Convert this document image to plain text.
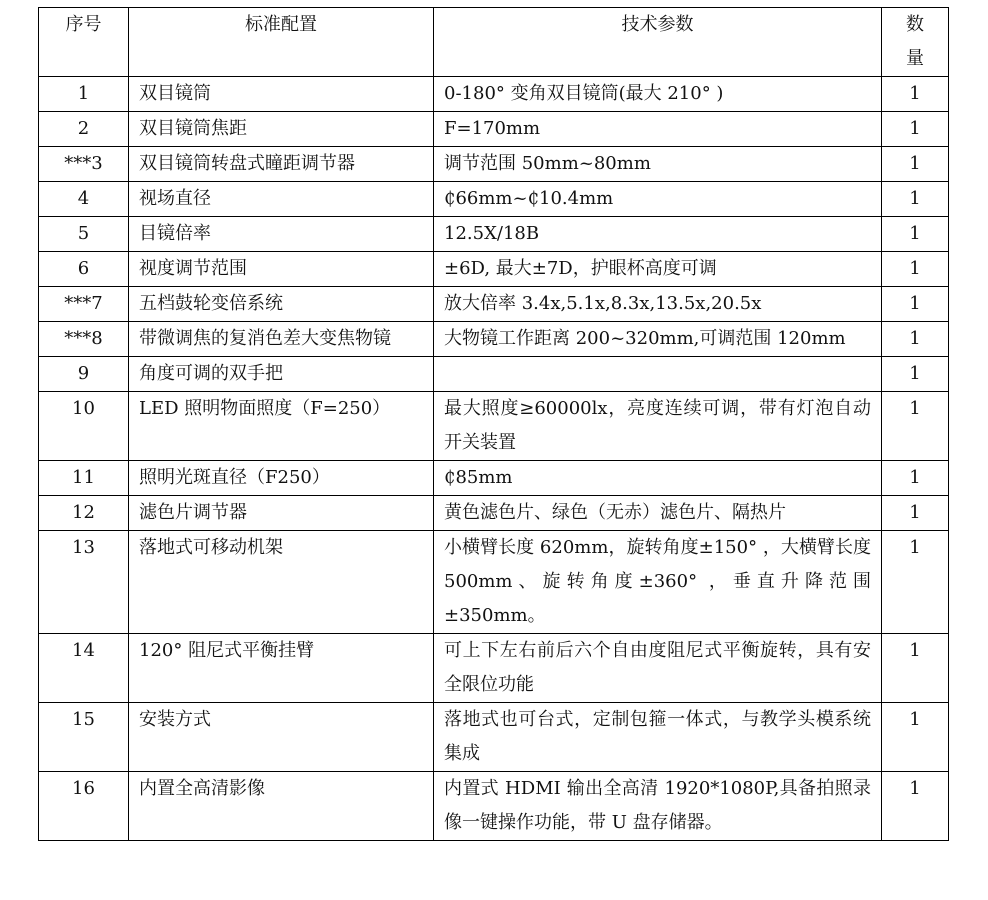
序号	标准配置	技术参数	数
量

1	双目镜筒	0-180° 变角双目镜筒(最大 210° )	1
2	双目镜筒焦距	F=170mm	1
***3	双目镜筒转盘式瞳距调节器	调节范围 50mm~80mm	1
4	视场直径	₵66mm~₵10.4mm	1
5	目镜倍率	12.5X/18B	1
6	视度调节范围	±6D, 最大±7D，护眼杯高度可调	1
***7	五档鼓轮变倍系统	放大倍率 3.4x,5.1x,8.3x,13.5x,20.5x	1
***8	带微调焦的复消色差大变焦物镜	大物镜工作距离 200~320mm,可调范围 120mm	1
9	角度可调的双手把		1
10	LED 照明物面照度（F=250）	最大照度≥60000lx，亮度连续可调，带有灯泡自动开关装置	1
11	照明光斑直径（F250）	₵85mm	1
12	滤色片调节器	黄色滤色片、绿色（无赤）滤色片、隔热片	1
13	落地式可移动机架	小横臂长度 620mm，旋转角度±150° ，大横臂长度 500mm、旋转角度±360° ，垂直升降范围±350mm。	1
14	120° 阻尼式平衡挂臂	可上下左右前后六个自由度阻尼式平衡旋转，具有安全限位功能	1
15	安装方式	落地式也可台式，定制包箍一体式，与教学头模系统集成	1
16	内置全高清影像	内置式 HDMI 输出全高清 1920*1080P,具备拍照录像一键操作功能，带 U 盘存储器。	1
